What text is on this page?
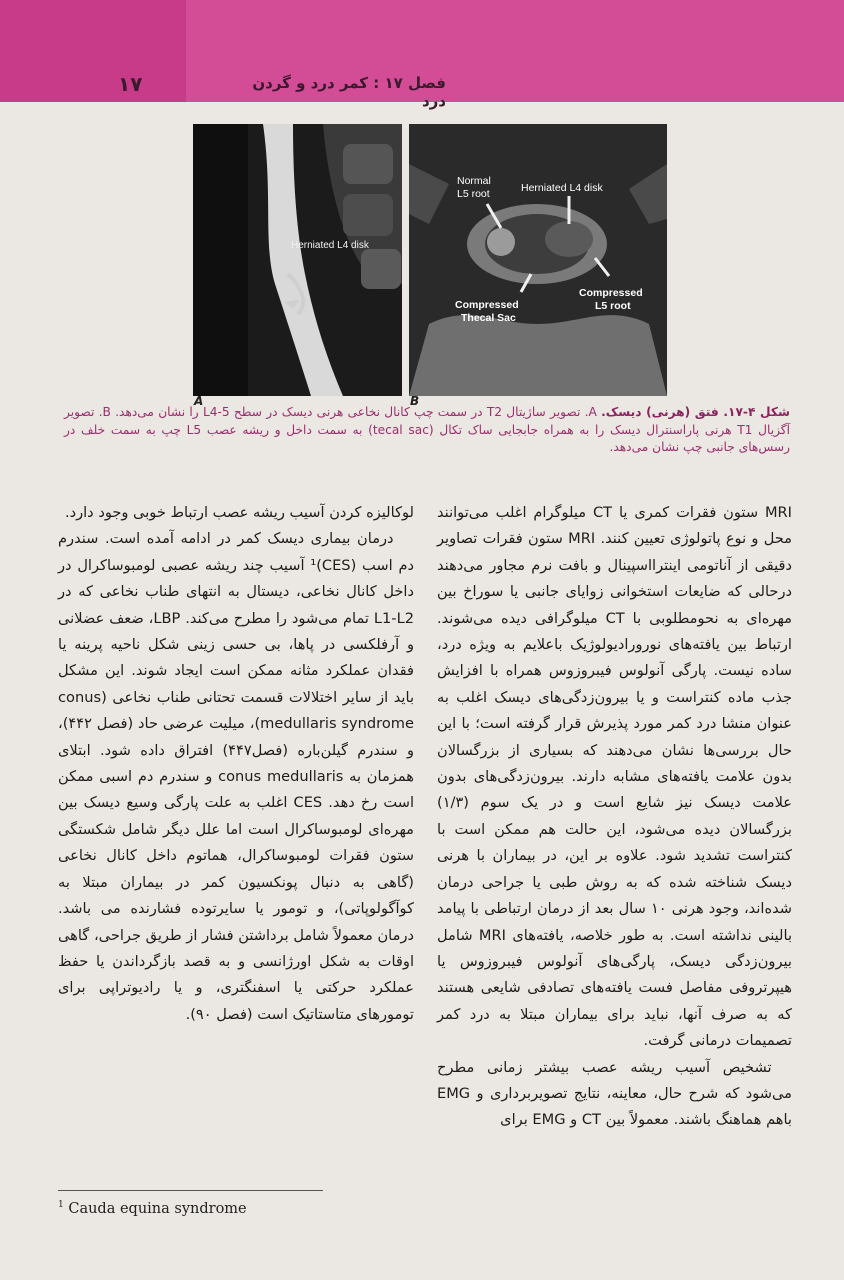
۱۷	فصل ۱۷ : کمر درد و گردن درد
Herniated L4 disk
Normal
L5 root	Herniated L4 disk
Compressed
Thecal Sac
Compressed
L5 root
A	B
شکل ۴-۱۷. فتق (هرنی) دیسک. A. تصویر ساژیتال T2 در سمت چپ کانال نخاعی هرنی دیسک در سطح L4-5 را نشان می‌دهد. B. تصویر آگزیال T1 هرنی پاراسنترال دیسک را به همراه جابجایی ساک تکال (tecal sac) به سمت داخل و ریشه عصب L5 چپ به سمت خلف در رسس‌های جانبی چپ نشان می‌دهد.

MRI ستون فقرات کمری یا CT میلوگرام اغلب می‌توانند محل و نوع پاتولوژی تعیین کنند. MRI ستون فقرات تصاویر دقیقی از آناتومی اینترااسپینال و بافت نرم مجاور می‌دهند درحالی که ضایعات استخوانی زوایای جانبی یا سوراخ بین مهره‌ای به نحومطلوبی با CT میلوگرافی دیده می‌شوند. ارتباط بین یافته‌های نورورادیولوژیک باعلایم به ویژه درد، ساده نیست. پارگی آنولوس فیبروزوس همراه با افزایش جذب ماده کنتراست و یا بیرون‌زدگی‌های دیسک اغلب به عنوان منشا درد کمر مورد پذیرش قرار گرفته است؛ با این حال بررسی‌ها نشان می‌دهند که بسیاری از بزرگسالان بدون علامت یافته‌های مشابه دارند. بیرون‌زدگی‌های بدون علامت دیسک نیز شایع است و در یک سوم (۱/۳) بزرگسالان دیده می‌شود، این حالت هم ممکن است با کنتراست تشدید شود. علاوه بر این، در بیماران با هرنی دیسک شناخته شده که به روش طبی یا جراحی درمان شده‌اند، وجود هرنی ۱۰ سال بعد از درمان ارتباطی با پیامد بالینی نداشته است. به طور خلاصه، یافته‌های MRI شامل بیرون‌زدگی دیسک، پارگی‌های آنولوس فیبروزوس یا هیپرتروفی مفاصل فست یافته‌های تصادفی شایعی هستند که به صرف آنها، نباید برای بیماران مبتلا به درد کمر تصمیمات درمانی گرفت.

تشخیص آسیب ریشه عصب بیشتر زمانی مطرح می‌شود که شرح حال، معاینه، نتایج تصویربرداری و EMG باهم هماهنگ باشند. معمولاً بین CT و EMG برای

لوکالیزه کردن آسیب ریشه عصب ارتباط خوبی وجود دارد.

درمان بیماری دیسک کمر در ادامه آمده است. سندرم دم اسب (CES)¹ آسیب چند ریشه عصبی لومبوساکرال در داخل کانال نخاعی، دیستال به انتهای طناب نخاعی که در L1-L2 تمام می‌شود را مطرح می‌کند. LBP، ضعف عضلانی و آرفلکسی در پاها، بی حسی زینی شکل ناحیه پرینه یا فقدان عملکرد مثانه ممکن است ایجاد شوند. این مشکل باید از سایر اختلالات قسمت تحتانی طناب نخاعی (conus medullaris syndrome)، میلیت عرضی حاد (فصل ۴۴۲)، و سندرم گیلن‌باره (فصل۴۴۷) افتراق داده شود. ابتلای همزمان به conus medullaris و سندرم دم اسبی ممکن است رخ دهد. CES اغلب به علت پارگی وسیع دیسک بین مهره‌ای لومبوساکرال است اما علل دیگر شامل شکستگی ستون فقرات لومبوساکرال، هماتوم داخل کانال نخاعی (گاهی به دنبال پونکسیون کمر در بیماران مبتلا به کوآگولوپاتی)، و تومور یا سایرتوده فشارنده می باشد. درمان معمولاً شامل برداشتن فشار از طریق جراحی، گاهی اوقات به شکل اورژانسی و به قصد بازگرداندن یا حفظ عملکرد حرکتی یا اسفنگتری، و یا رادیوتراپی برای تومورهای متاستاتیک است (فصل ۹۰).

$^1$ Cauda equina syndrome
